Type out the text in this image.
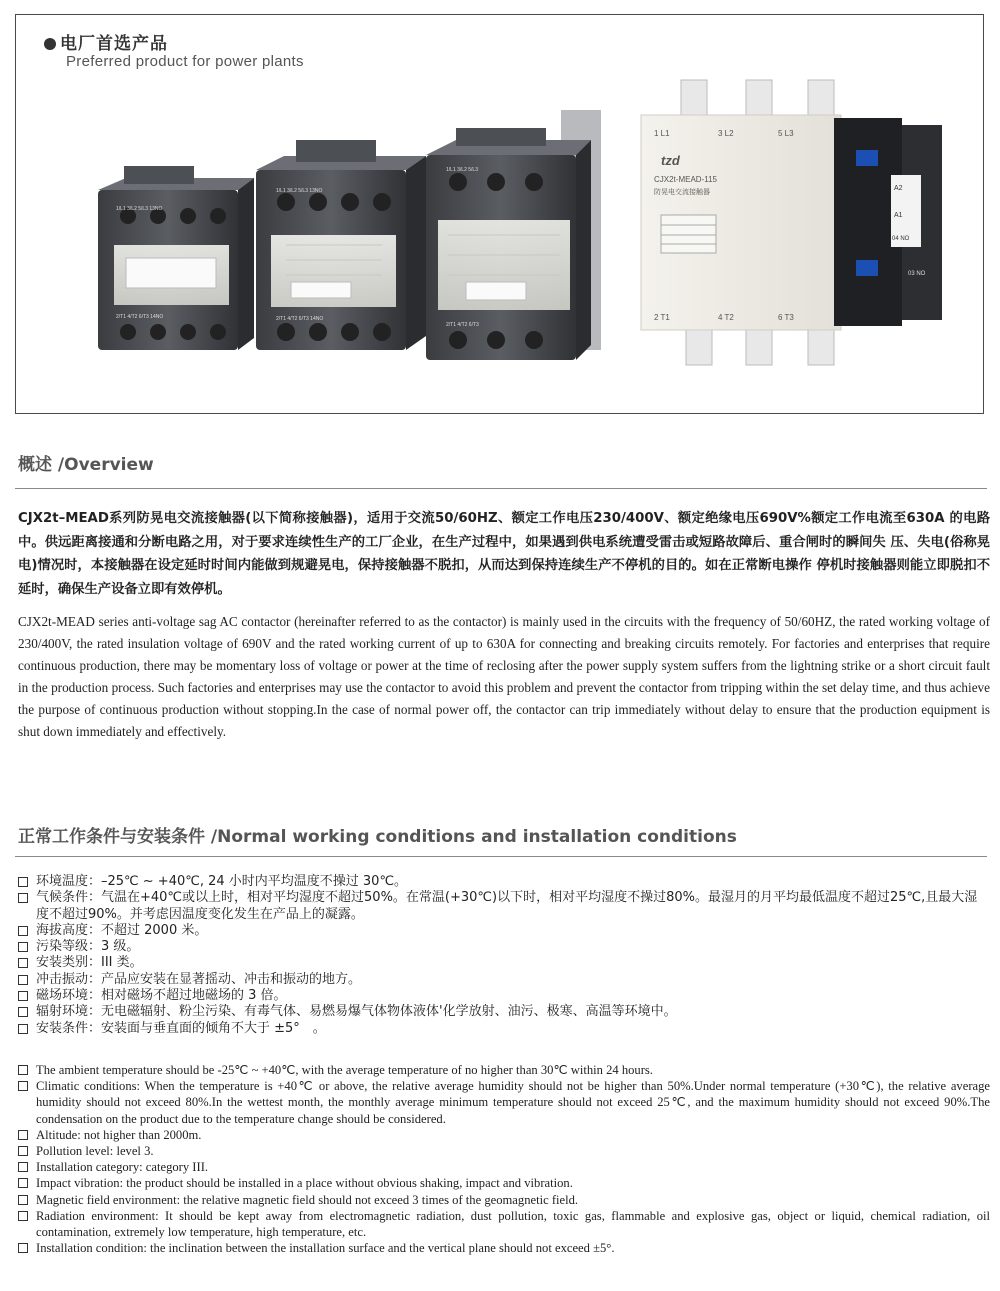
电厂首选产品
Preferred product for power plants
tzd
CJX2t-MEAD-115
防晃电交流接触器
1 L1	3 L2	5 L3
2 T1	4 T2	6 T3
A2
A1
04 NO
03 NO
1/L1 3/L2 5/L3 13NO
2/T1 4/T2 6/T3 14NO
1/L1 3/L2 5/L3 13NO
2/T1 4/T2 6/T3 14NO
1/L1 3/L2 5/L3
2/T1 4/T2 6/T3
概述 /Overview
CJX2t–MEAD系列防晃电交流接触器(以下简称接触器)，适用于交流50/60HZ、额定工作电压230/400V、额定绝缘电压690V%额定工作电流至630A 的电路中。供远距离接通和分断电路之用，对于要求连续性生产的工厂企业，在生产过程中，如果遇到供电系统遭受雷击或短路故障后、重合闸时的瞬间失 压、失电(俗称晃电)情况时，本接触器在设定延时时间内能做到规避晃电，保持接触器不脱扣，从而达到保持连续生产不停机的目的。如在正常断电操作 停机时接触器则能立即脱扣不延时，确保生产设备立即有效停机。
CJX2t-MEAD series anti-voltage sag AC contactor (hereinafter referred to as the contactor) is mainly used in the circuits with the frequency of 50/60HZ, the rated working voltage of 230/400V, the rated insulation voltage of 690V and the rated working current of up to 630A for connecting and breaking circuits remotely. For factories and enterprises that require continuous production, there may be momentary loss of voltage or power at the time of reclosing after the power supply system suffers from the lightning strike or a short circuit fault in the production process. Such factories and enterprises may use the contactor to avoid this problem and prevent the contactor from tripping within the set delay time, and thus achieve the purpose of continuous production without stopping.In the case of normal power off, the contactor can trip immediately without delay to ensure that the production equipment is shut down immediately and effectively.
正常工作条件与安装条件 /Normal working conditions and installation conditions
环境温度：–25℃ ~ +40℃, 24 小时内平均温度不操过 30℃。
气候条件：气温在+40℃或以上时，相对平均湿度不超过50%。在常温(+30℃)以下时，相对平均湿度不操过80%。最湿月的月平均最低温度不超过25℃,且最大湿度不超过90%。并考虑因温度变化发生在产品上的凝露。
海拔高度：不超过 2000 米。
污染等级：3 级。
安装类别：III 类。
冲击振动：产品应安装在显著摇动、冲击和振动的地方。
磁场环境：相对磁场不超过地磁场的 3 倍。
辐射环境：无电磁辐射、粉尘污染、有毒气体、易燃易爆气体物体液体'化学放射、油污、极寒、高温等环境中。
安装条件：安装面与垂直面的倾角不大于 ±5°　。
The ambient temperature should be -25℃ ~ +40℃, with the average temperature of no higher than 30℃ within 24 hours.
Climatic conditions: When the temperature is +40℃ or above, the relative average humidity should not be higher than 50%.Under normal temperature (+30℃), the relative average humidity should not exceed 80%.In the wettest month, the monthly average minimum temperature should not exceed 25℃, and the maximum humidity should not exceed 90%.The condensation on the product due to the temperature change should be considered.
Altitude: not higher than 2000m.
Pollution level: level 3.
Installation category: category III.
Impact vibration: the product should be installed in a place without obvious shaking, impact and vibration.
Magnetic field environment: the relative magnetic field should not exceed 3 times of the geomagnetic field.
Radiation environment: It should be kept away from electromagnetic radiation, dust pollution, toxic gas, flammable and explosive gas, object or liquid, chemical radiation, oil contamination, extremely low temperature, high temperature, etc.
Installation condition: the inclination between the installation surface and the vertical plane should not exceed ±5°.
